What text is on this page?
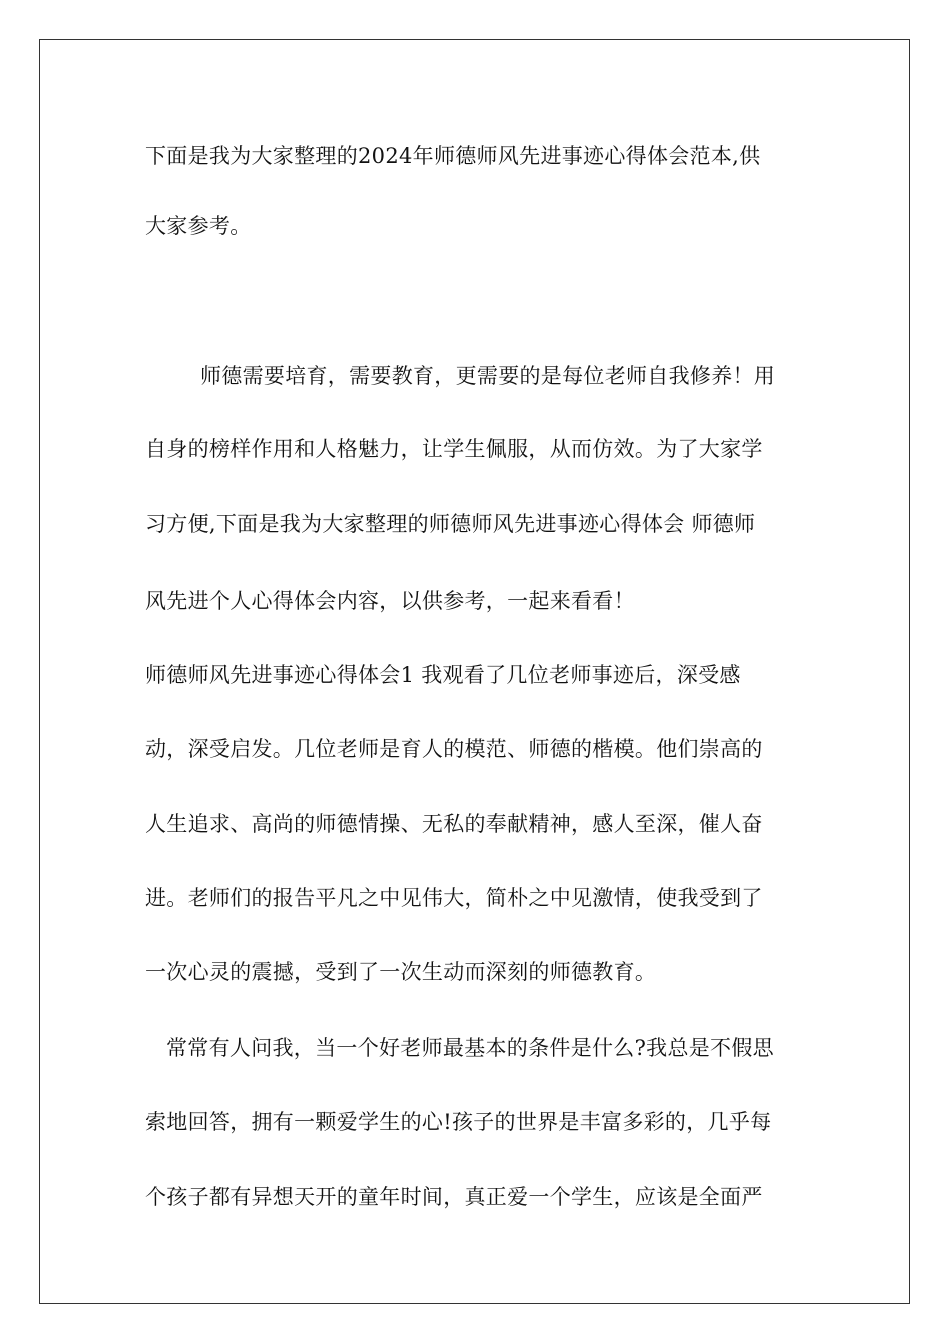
下面是我为大家整理的2024年师德师风先进事迹心得体会范本,供
大家参考。
师德需要培育，需要教育，更需要的是每位老师自我修养！用
自身的榜样作用和人格魅力，让学生佩服，从而仿效。为了大家学
习方便,下面是我为大家整理的师德师风先进事迹心得体会 师德师
风先进个人心得体会内容，以供参考，一起来看看！
师德师风先进事迹心得体会1 我观看了几位老师事迹后，深受感
动，深受启发。几位老师是育人的模范、师德的楷模。他们崇高的
人生追求、高尚的师德情操、无私的奉献精神，感人至深，催人奋
进。老师们的报告平凡之中见伟大，简朴之中见激情，使我受到了
一次心灵的震撼，受到了一次生动而深刻的师德教育。
常常有人问我，当一个好老师最基本的条件是什么?我总是不假思
索地回答，拥有一颗爱学生的心!孩子的世界是丰富多彩的，几乎每
个孩子都有异想天开的童年时间，真正爱一个学生，应该是全面严
